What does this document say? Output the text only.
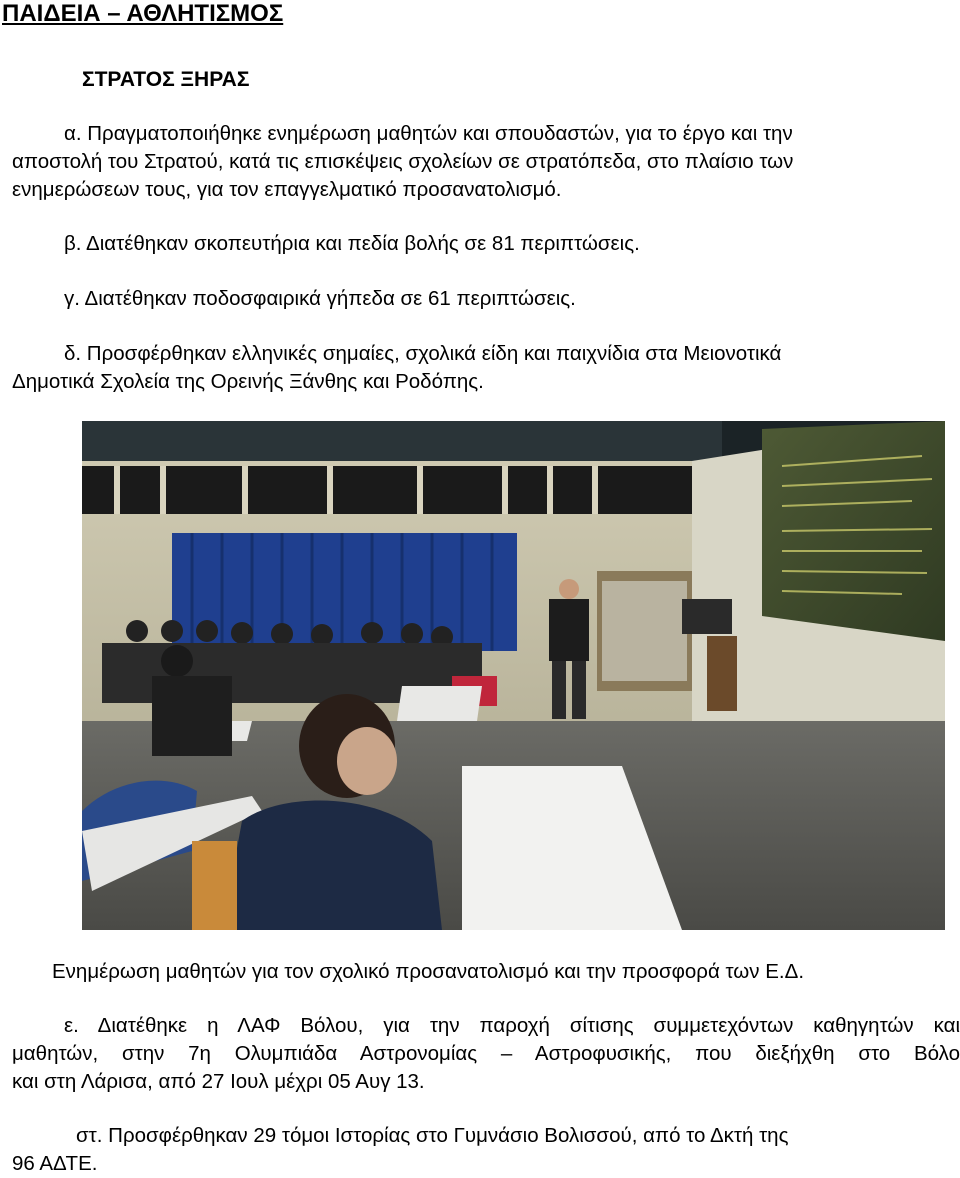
ΠΑΙΔΕΙΑ – ΑΘΛΗΤΙΣΜΟΣ
ΣΤΡΑΤΟΣ ΞΗΡΑΣ
α. Πραγματοποιήθηκε ενημέρωση μαθητών και σπουδαστών, για το έργο και την
αποστολή του Στρατού, κατά τις επισκέψεις σχολείων σε στρατόπεδα, στο πλαίσιο των
ενημερώσεων τους, για τον επαγγελματικό προσανατολισμό.
β. Διατέθηκαν σκοπευτήρια και πεδία βολής σε 81 περιπτώσεις.
γ. Διατέθηκαν ποδοσφαιρικά γήπεδα σε 61 περιπτώσεις.
δ. Προσφέρθηκαν ελληνικές σημαίες, σχολικά είδη και παιχνίδια στα Μειονοτικά
Δημοτικά Σχολεία της Ορεινής Ξάνθης και Ροδόπης.
Ενημέρωση μαθητών για τον σχολικό προσανατολισμό και την προσφορά των Ε.Δ.
ε. Διατέθηκε η ΛΑΦ Βόλου, για την παροχή σίτισης συμμετεχόντων καθηγητών και
μαθητών, στην 7η Ολυμπιάδα Αστρονομίας – Αστροφυσικής, που διεξήχθη στο Βόλο
και στη Λάρισα, από 27 Ιουλ μέχρι 05 Αυγ 13.
στ. Προσφέρθηκαν 29 τόμοι Ιστορίας στο Γυμνάσιο Βολισσού, από το Δκτή της
96 ΑΔΤΕ.
